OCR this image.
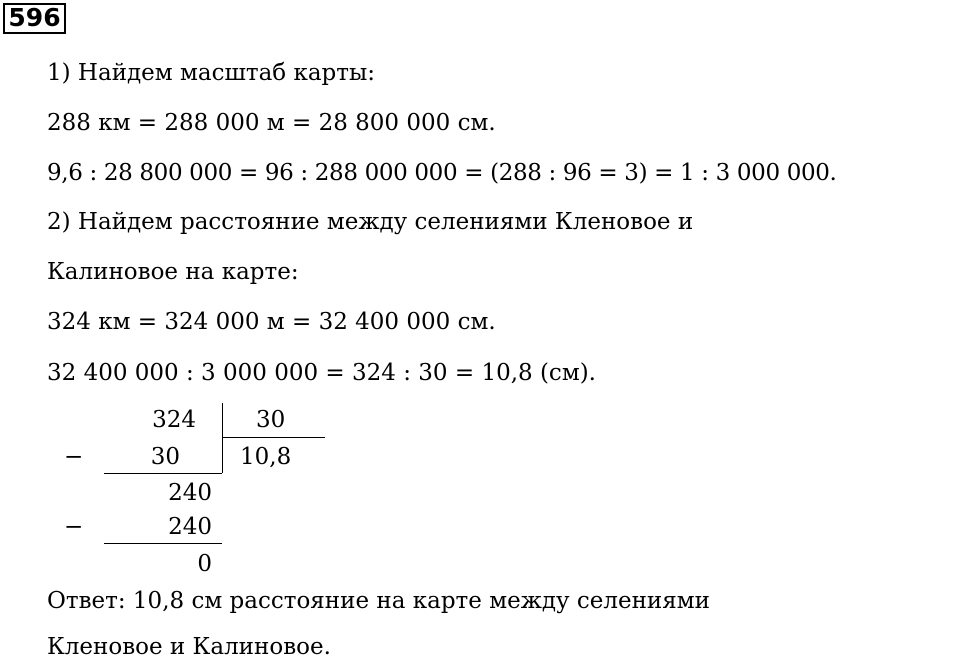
596
1) Найдем масштаб карты:
288 км = 288 000 м = 28 800 000 см.
9,6 : 28 800 000 = 96 : 288 000 000 = (288 : 96 = 3) = 1 : 3 000 000.
2) Найдем расстояние между селениями Кленовое и
Калиновое на карте:
324 км = 324 000 м = 32 400 000 см.
32 400 000 : 3 000 000 = 324 : 30 = 10,8 (см).
324	30
−	30	10,8
240
−	240
0
Ответ: 10,8 см расстояние на карте между селениями
Кленовое и Калиновое.
